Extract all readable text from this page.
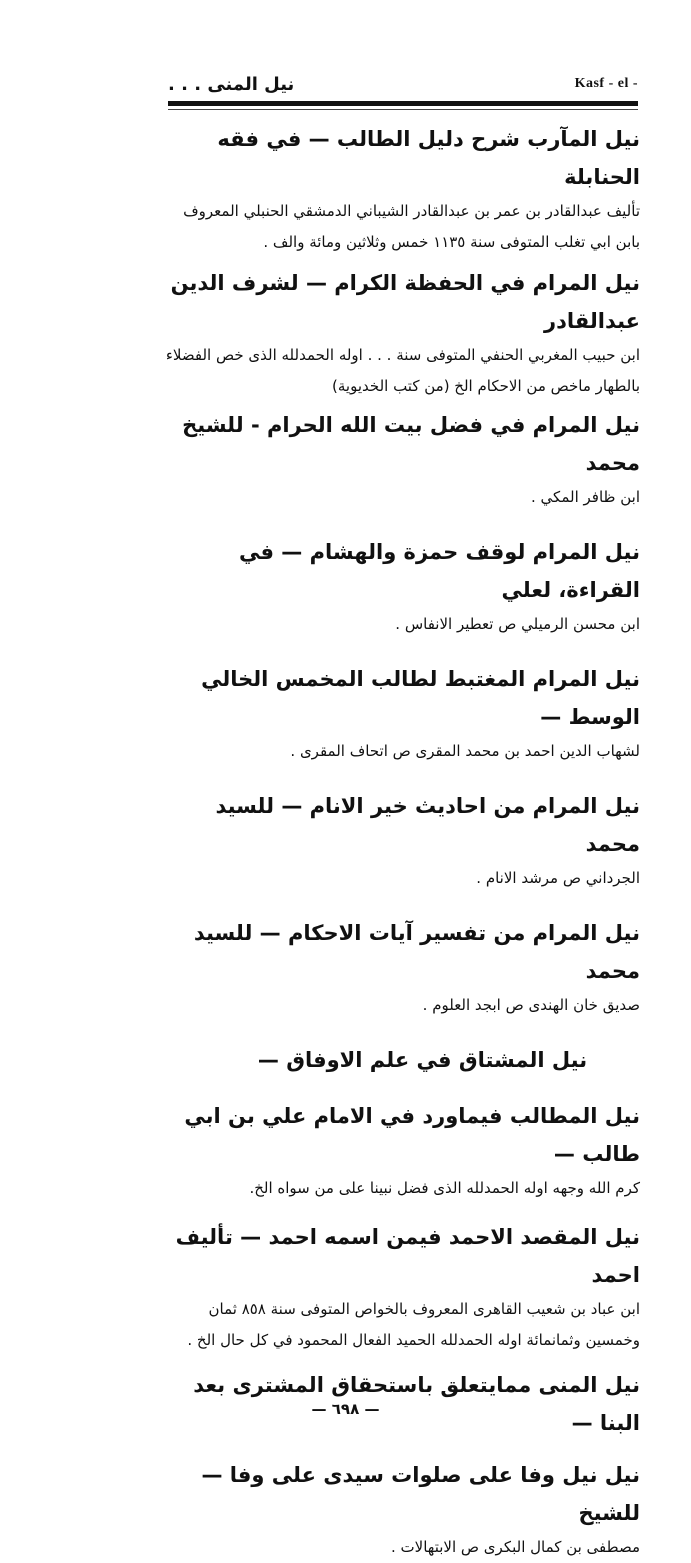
نيل المنى . . .	Kasf - el -
نيل المآرب شرح دليل الطالب — في فقه الحنابلة
تأليف عبدالقادر بن عمر بن عبدالقادر الشيباني الدمشقي الحنبلي المعروف بابن ابي تغلب المتوفى سنة ١١٣٥ خمس وثلاثين ومائة والف .
نيل المرام في الحفظة الكرام — لشرف الدين عبدالقادر
ابن حبيب المغربي الحنفي المتوفى سنة . . . اوله الحمدلله الذى خص الفضلاء بالطهار ماخص من الاحكام الخ (من كتب الخديوية)
نيل المرام في فضل بيت الله الحرام - للشيخ محمد
ابن ظافر المكي .
نيل المرام لوقف حمزة والهشام — في القراءة، لعلي
ابن محسن الرميلي ص تعطير الانفاس .
نيل المرام المغتبط لطالب المخمس الخالي الوسط —
لشهاب الدين احمد بن محمد المقرى ص اتحاف المقرى .
نيل المرام من احاديث خير الانام — للسيد محمد
الجرداني ص مرشد الانام .
نيل المرام من تفسير آيات الاحكام — للسيد محمد
صديق خان الهندى ص ابجد العلوم .
نيل المشتاق في علم الاوفاق —
نيل المطالب فيماورد في الامام علي بن ابي طالب —
كرم الله وجهه اوله الحمدلله الذى فضل نبينا على من سواه الخ.
نيل المقصد الاحمد فيمن اسمه احمد — تأليف احمد
ابن عباد بن شعيب القاهرى المعروف بالخواص المتوفى سنة ٨٥٨ ثمان وخمسين وثمانمائة اوله الحمدلله الحميد الفعال المحمود في كل حال الخ .
نيل المنى ممايتعلق باستحقاق المشترى بعد البنا —
نيل نيل وفا على صلوات سيدى على وفا — للشيخ
مصطفى بن كمال البكرى ص الابتهالات .
— ٦٩٨ —
